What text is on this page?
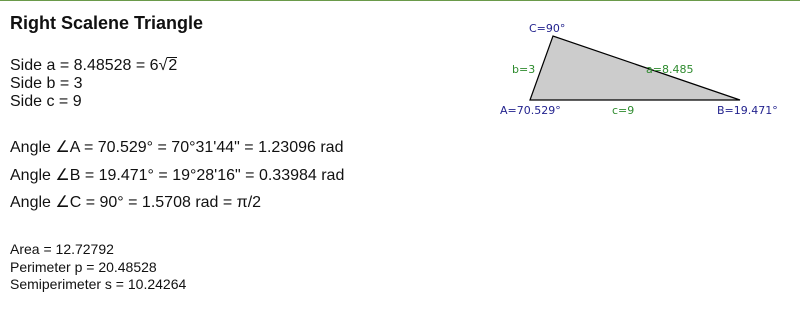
Right Scalene Triangle
Side a = 8.48528 = 6√2
Side b = 3
Side c = 9
Angle ∠A = 70.529° = 70°31'44" = 1.23096 rad
Angle ∠B = 19.471° = 19°28'16" = 0.33984 rad
Angle ∠C = 90° = 1.5708 rad = π/2
Area = 12.72792
Perimeter p = 20.48528
Semiperimeter s = 10.24264
C=90°
b=3	a=8.485
A=70.529°	c=9	B=19.471°
